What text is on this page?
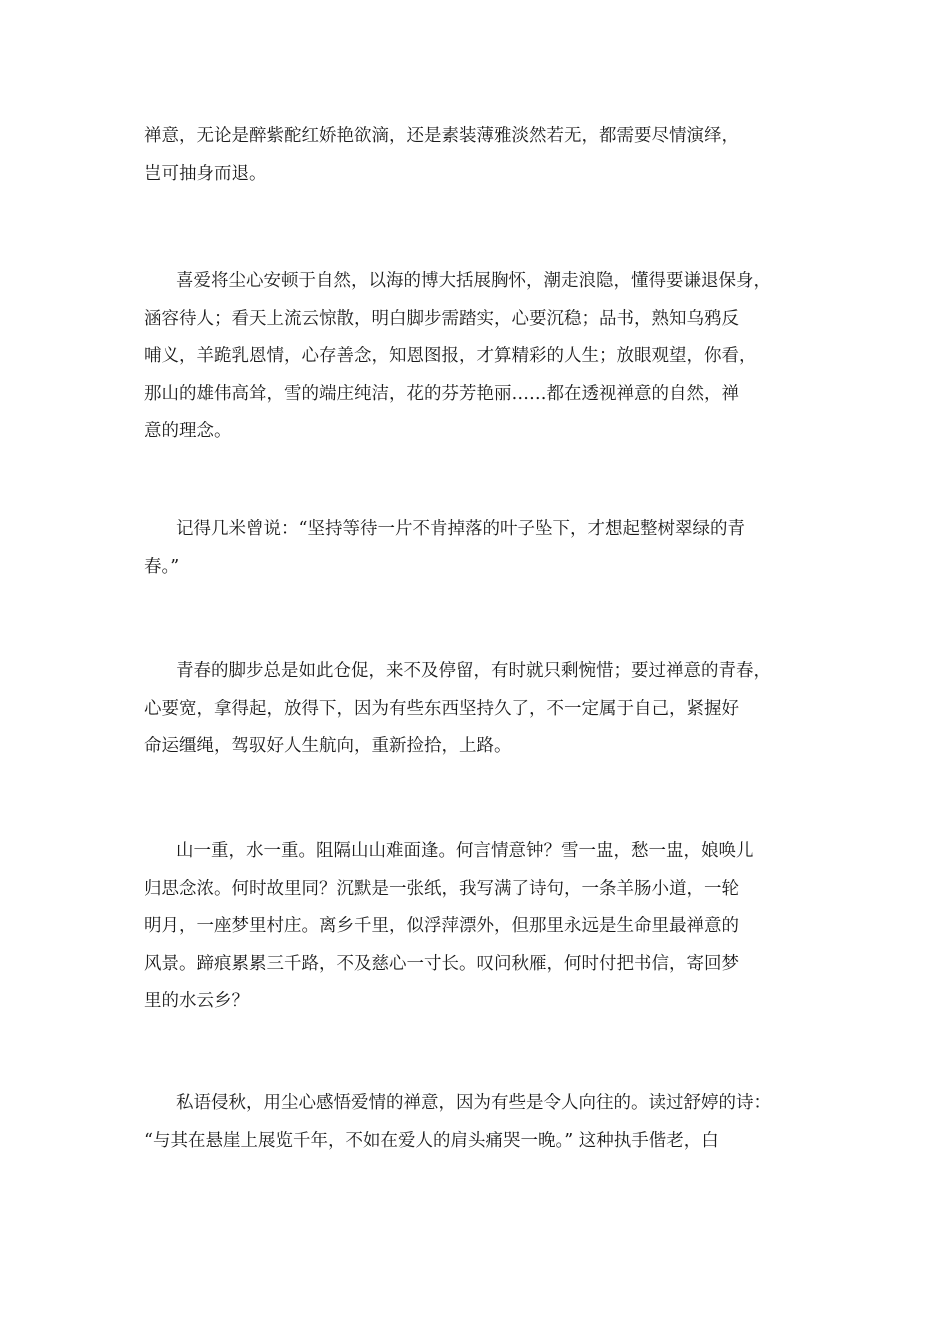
禅意，无论是醉紫酡红娇艳欲滴，还是素装薄雅淡然若无，都需要尽情演绎，
岂可抽身而退。

喜爱将尘心安顿于自然，以海的博大括展胸怀，潮走浪隐，懂得要谦退保身，
涵容待人；看天上流云惊散，明白脚步需踏实，心要沉稳；品书，熟知乌鸦反
哺义，羊跪乳恩情，心存善念，知恩图报，才算精彩的人生；放眼观望，你看，
那山的雄伟高耸，雪的端庄纯洁，花的芬芳艳丽……都在透视禅意的自然，禅
意的理念。

记得几米曾说：“坚持等待一片不肯掉落的叶子坠下，才想起整树翠绿的青
春。”

青春的脚步总是如此仓促，来不及停留，有时就只剩惋惜；要过禅意的青春，
心要宽，拿得起，放得下，因为有些东西坚持久了，不一定属于自己，紧握好
命运缰绳，驾驭好人生航向，重新捡拾，上路。

山一重，水一重。阻隔山山难面逢。何言情意钟？雪一盅，愁一盅，娘唤儿
归思念浓。何时故里同？沉默是一张纸，我写满了诗句，一条羊肠小道，一轮
明月，一座梦里村庄。离乡千里，似浮萍漂外，但那里永远是生命里最禅意的
风景。蹄痕累累三千路，不及慈心一寸长。叹问秋雁，何时付把书信，寄回梦
里的水云乡？

私语侵秋，用尘心感悟爱情的禅意，因为有些是令人向往的。读过舒婷的诗：
“与其在悬崖上展览千年，不如在爱人的肩头痛哭一晚。” 这种执手偕老，白
